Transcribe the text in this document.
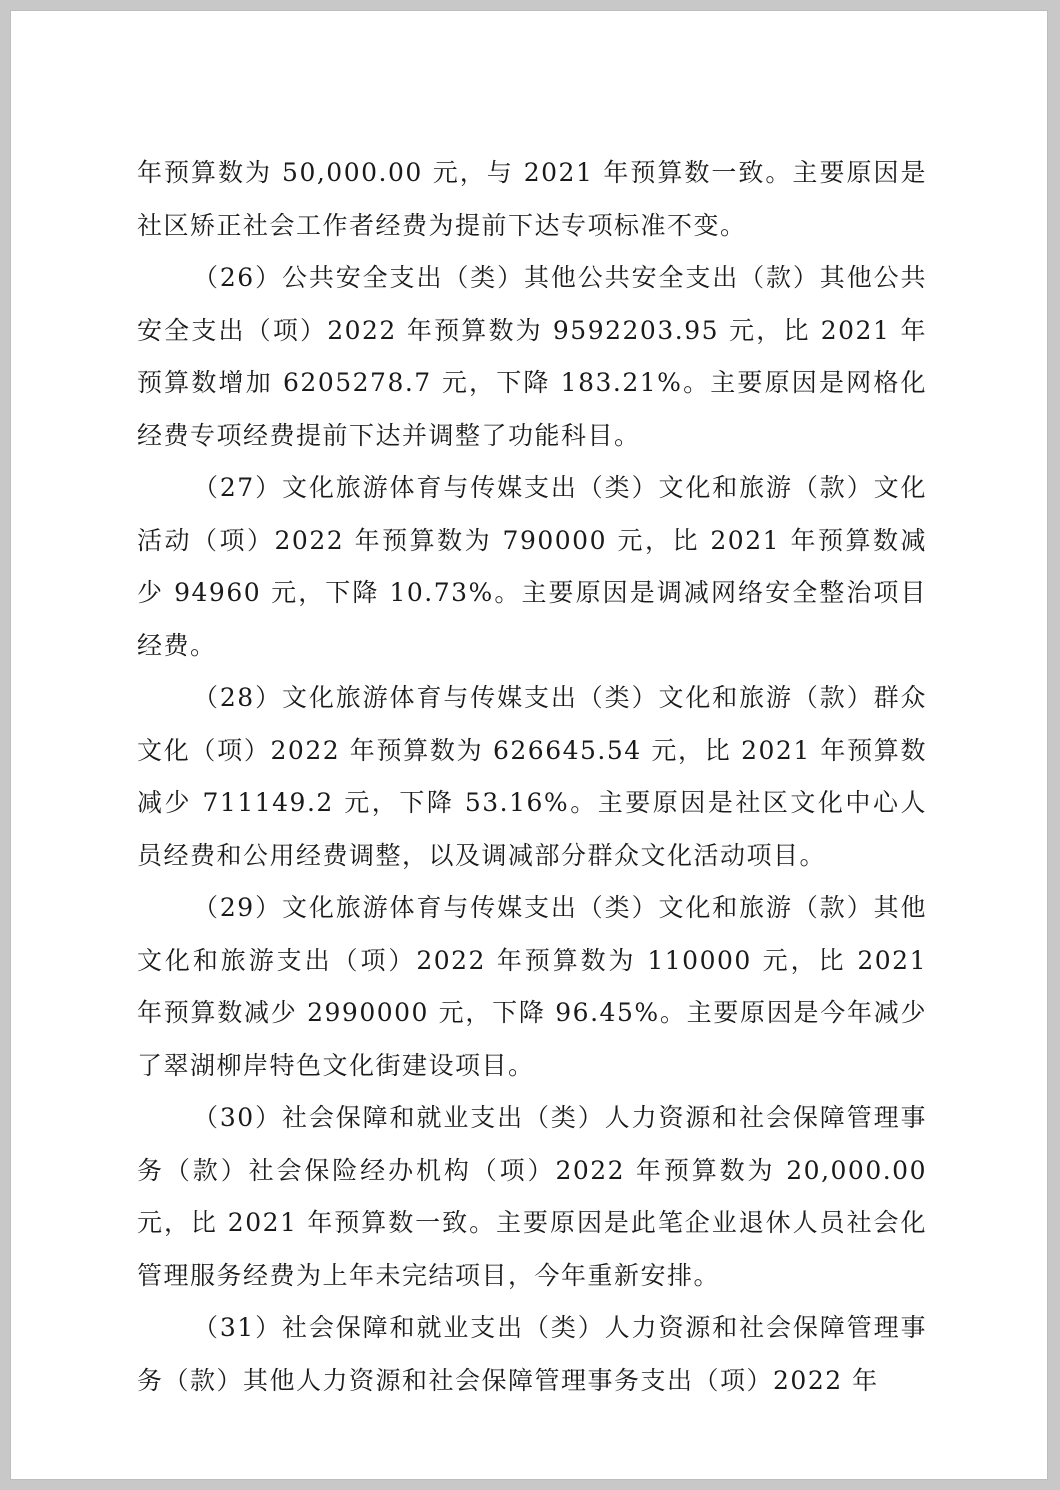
年预算数为 50,000.00 元，与 2021 年预算数一致。主要原因是社区矫正社会工作者经费为提前下达专项标准不变。

（26）公共安全支出（类）其他公共安全支出（款）其他公共安全支出（项）2022 年预算数为 9592203.95 元，比 2021 年预算数增加 6205278.7 元，下降 183.21%。主要原因是网格化经费专项经费提前下达并调整了功能科目。

（27）文化旅游体育与传媒支出（类）文化和旅游（款）文化活动（项）2022 年预算数为 790000 元，比 2021 年预算数减少 94960 元，下降 10.73%。主要原因是调减网络安全整治项目经费。

（28）文化旅游体育与传媒支出（类）文化和旅游（款）群众文化（项）2022 年预算数为 626645.54 元，比 2021 年预算数减少 711149.2 元，下降 53.16%。主要原因是社区文化中心人员经费和公用经费调整，以及调减部分群众文化活动项目。

（29）文化旅游体育与传媒支出（类）文化和旅游（款）其他文化和旅游支出（项）2022 年预算数为 110000 元，比 2021 年预算数减少 2990000 元，下降 96.45%。主要原因是今年减少了翠湖柳岸特色文化街建设项目。

（30）社会保障和就业支出（类）人力资源和社会保障管理事务（款）社会保险经办机构（项）2022 年预算数为 20,000.00 元，比 2021 年预算数一致。主要原因是此笔企业退休人员社会化管理服务经费为上年未完结项目，今年重新安排。

（31）社会保障和就业支出（类）人力资源和社会保障管理事务（款）其他人力资源和社会保障管理事务支出（项）2022 年
